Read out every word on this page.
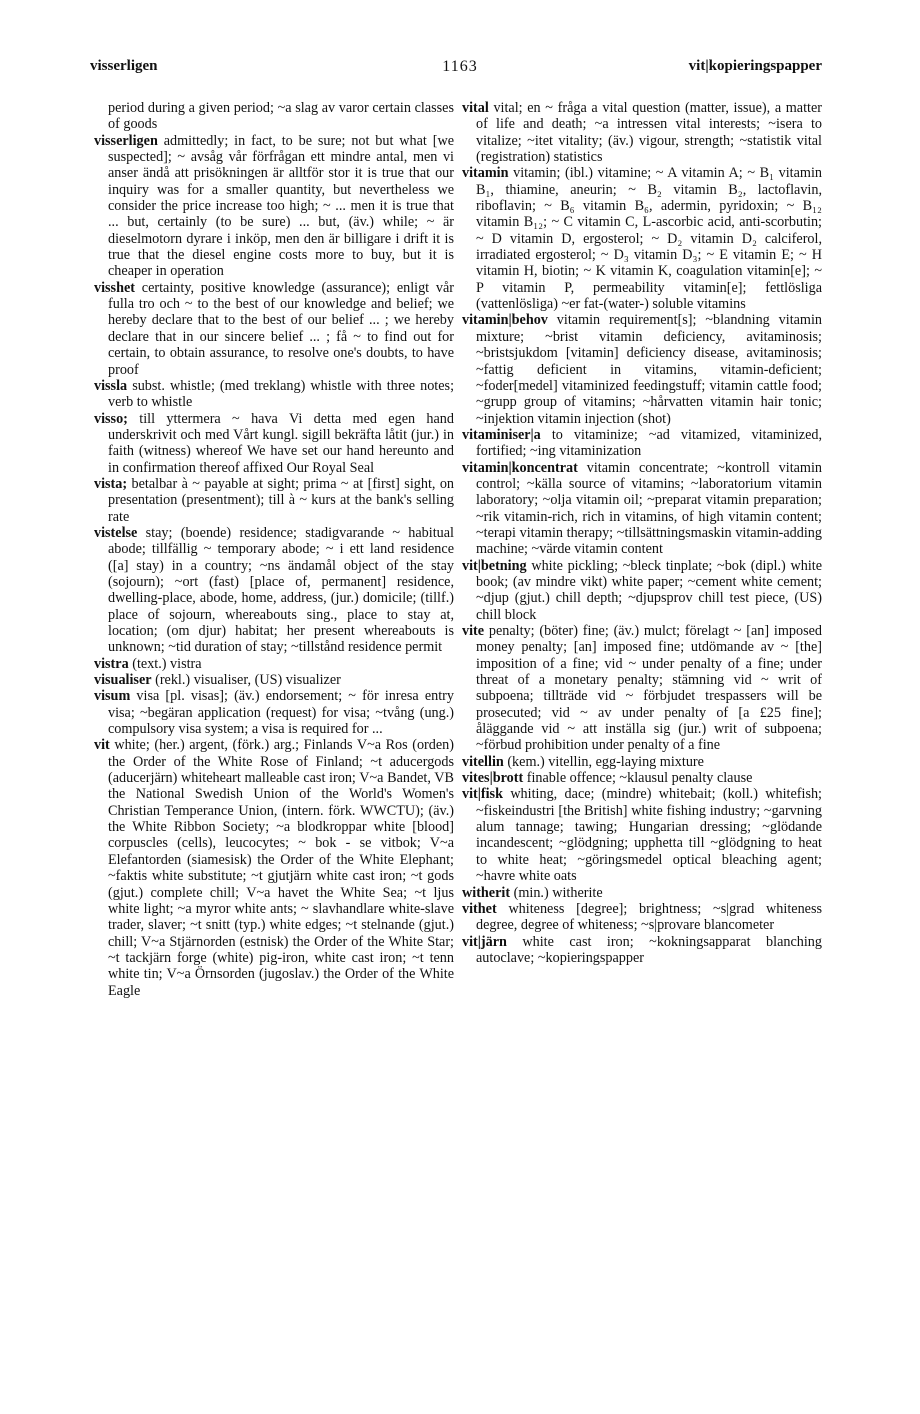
visserligen	1163	vit|kopieringspapper

period during a given period; ~a slag av varor certain classes of goods

visserligen admittedly; in fact, to be sure; not but what [we suspected]; ~ avsåg vår förfrågan ett mindre antal, men vi anser ändå att prisökningen är alltför stor it is true that our inquiry was for a smaller quantity, but nevertheless we consider the price increase too high; ~ ... men it is true that ... but, certainly (to be sure) ... but, (äv.) while; ~ är dieselmotorn dyrare i inköp, men den är billigare i drift it is true that the diesel engine costs more to buy, but it is cheaper in operation

visshet certainty, positive knowledge (assurance); enligt vår fulla tro och ~ to the best of our knowledge and belief; we hereby declare that to the best of our belief ... ; we hereby declare that in our sincere belief ... ; få ~ to find out for certain, to obtain assurance, to resolve one's doubts, to have proof

vissla subst. whistle; (med treklang) whistle with three notes; verb to whistle

visso; till yttermera ~ hava Vi detta med egen hand underskrivit och med Vårt kungl. sigill bekräfta låtit (jur.) in faith (witness) whereof We have set our hand hereunto and in confirmation thereof affixed Our Royal Seal

vista; betalbar à ~ payable at sight; prima ~ at [first] sight, on presentation (presentment); till à ~ kurs at the bank's selling rate

vistelse stay; (boende) residence; stadigvarande ~ habitual abode; tillfällig ~ temporary abode; ~ i ett land residence ([a] stay) in a country; ~ns ändamål object of the stay (sojourn); ~ort (fast) [place of, permanent] residence, dwelling-place, abode, home, address, (jur.) domicile; (tillf.) place of sojourn, whereabouts sing., place to stay at, location; (om djur) habitat; her present whereabouts is unknown; ~tid duration of stay; ~tillstånd residence permit

vistra (text.) vistra

visualiser (rekl.) visualiser, (US) visualizer

visum visa [pl. visas]; (äv.) endorsement; ~ för inresa entry visa; ~begäran application (request) for visa; ~tvång (ung.) compulsory visa system; a visa is required for ...

vit white; (her.) argent, (förk.) arg.; Finlands V~a Ros (orden) the Order of the White Rose of Finland; ~t aducergods (aducerjärn) whiteheart malleable cast iron; V~a Bandet, VB the National Swedish Union of the World's Women's Christian Temperance Union, (intern. förk. WWCTU); (äv.) the White Ribbon Society; ~a blodkroppar white [blood] corpuscles (cells), leucocytes; ~ bok - se vitbok; V~a Elefantorden (siamesisk) the Order of the White Elephant; ~faktis white substitute; ~t gjutjärn white cast iron; ~t gods (gjut.) complete chill; V~a havet the White Sea; ~t ljus white light; ~a myror white ants; ~ slavhandlare white-slave trader, slaver; ~t snitt (typ.) white edges; ~t stelnande (gjut.) chill; V~a Stjärnorden (estnisk) the Order of the White Star; ~t tackjärn forge (white) pig-iron, white cast iron; ~t tenn white tin; V~a Örnsorden (jugoslav.) the Order of the White Eagle

vital vital; en ~ fråga a vital question (matter, issue), a matter of life and death; ~a intressen vital interests; ~isera to vitalize; ~itet vitality; (äv.) vigour, strength; ~statistik vital (registration) statistics

vitamin vitamin; (ibl.) vitamine; ~ A vitamin A; ~ B₁ vitamin B₁, thiamine, aneurin; ~ B₂ vitamin B₂, lactoflavin, riboflavin; ~ B₆ vitamin B₆, adermin, pyridoxin; ~ B₁₂ vitamin B₁₂; ~ C vitamin C, L-ascorbic acid, anti-scorbutin; ~ D vitamin D, ergosterol; ~ D₂ vitamin D₂ calciferol, irradiated ergosterol; ~ D₃ vitamin D₃; ~ E vitamin E; ~ H vitamin H, biotin; ~ K vitamin K, coagulation vitamin[e]; ~ P vitamin P, permeability vitamin[e]; fettlösliga (vattenlösliga) ~er fat-(water-) soluble vitamins

vitamin|behov vitamin requirement[s]; ~blandning vitamin mixture; ~brist vitamin deficiency, avitaminosis; ~bristsjukdom [vitamin] deficiency disease, avitaminosis; ~fattig deficient in vitamins, vitamin-deficient; ~foder[medel] vitaminized feedingstuff; vitamin cattle food; ~grupp group of vitamins; ~hårvatten vitamin hair tonic; ~injektion vitamin injection (shot)

vitaminiser|a to vitaminize; ~ad vitamized, vitaminized, fortified; ~ing vitaminization

vitamin|koncentrat vitamin concentrate; ~kontroll vitamin control; ~källa source of vitamins; ~laboratorium vitamin laboratory; ~olja vitamin oil; ~preparat vitamin preparation; ~rik vitamin-rich, rich in vitamins, of high vitamin content; ~terapi vitamin therapy; ~tillsättningsmaskin vitamin-adding machine; ~värde vitamin content

vit|betning white pickling; ~bleck tinplate; ~bok (dipl.) white book; (av mindre vikt) white paper; ~cement white cement; ~djup (gjut.) chill depth; ~djupsprov chill test piece, (US) chill block

vite penalty; (böter) fine; (äv.) mulct; förelagt ~ [an] imposed money penalty; [an] imposed fine; utdömande av ~ [the] imposition of a fine; vid ~ under penalty of a fine; under threat of a monetary penalty; stämning vid ~ writ of subpoena; tillträde vid ~ förbjudet trespassers will be prosecuted; vid ~ av under penalty of [a £25 fine]; åläggande vid ~ att inställa sig (jur.) writ of subpoena; ~förbud prohibition under penalty of a fine

vitellin (kem.) vitellin, egg-laying mixture

vites|brott finable offence; ~klausul penalty clause

vit|fisk whiting, dace; (mindre) whitebait; (koll.) whitefish; ~fiskeindustri [the British] white fishing industry; ~garvning alum tannage; tawing; Hungarian dressing; ~glödande incandescent; ~glödgning; upphetta till ~glödgning to heat to white heat; ~göringsmedel optical bleaching agent; ~havre white oats

witherit (min.) witherite

vithet whiteness [degree]; brightness; ~s|grad whiteness degree, degree of whiteness; ~s|provare blancometer

vit|järn white cast iron; ~kokningsapparat blanching autoclave; ~kopieringspapper
